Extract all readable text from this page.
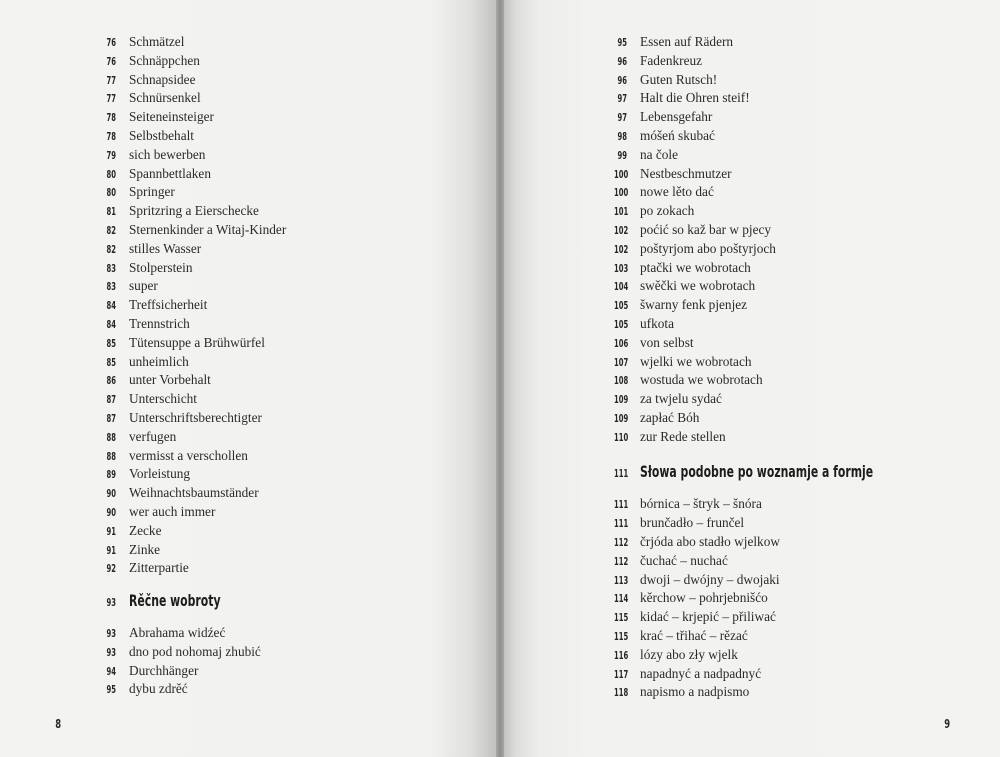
76 Schmätzel
76 Schnäppchen
77 Schnapsidee
77 Schnürsenkel
78 Seiteneinsteiger
78 Selbstbehalt
79 sich bewerben
80 Spannbettlaken
80 Springer
81 Spritzring a Eierschecke
82 Sternenkinder a Witaj-Kinder
82 stilles Wasser
83 Stolperstein
83 super
84 Treffsicherheit
84 Trennstrich
85 Tütensuppe a Brühwürfel
85 unheimlich
86 unter Vorbehalt
87 Unterschicht
87 Unterschriftsberechtigter
88 verfugen
88 vermisst a verschollen
89 Vorleistung
90 Weihnachtsbaumständer
90 wer auch immer
91 Zecke
91 Zinke
92 Zitterpartie
93 Rěčne wobroty
93 Abrahama widźeć
93 dno pod nohomaj zhubić
94 Durchhänger
95 dybu zdrěć
8
95 Essen auf Rädern
96 Fadenkreuz
96 Guten Rutsch!
97 Halt die Ohren steif!
97 Lebensgefahr
98 móšeń skubać
99 na čole
100 Nestbeschmutzer
100 nowe lěto dać
101 po zokach
102 poćić so kaž bar w pjecy
102 poštyrjom abo poštyrjoch
103 ptački we wobrotach
104 swěčki we wobrotach
105 šwarny fenk pjenjez
105 ufkota
106 von selbst
107 wjelki we wobrotach
108 wostuda we wobrotach
109 za twjelu sydać
109 zapłać Bóh
110 zur Rede stellen
111 Słowa podobne po woznamje a formje
111 bórnica – štryk – šnóra
111 brunčadło – frunčel
112 črjóda abo stadło wjelkow
112 čuchać – nuchać
113 dwoji – dwójny – dwojaki
114 kěrchow – pohrjebnišćo
115 kidać – krjepić – přiliwać
115 krać – třihać – rězać
116 lózy abo zły wjelk
117 napadnyć a nadpadnyć
118 napismo a nadpismo
9
